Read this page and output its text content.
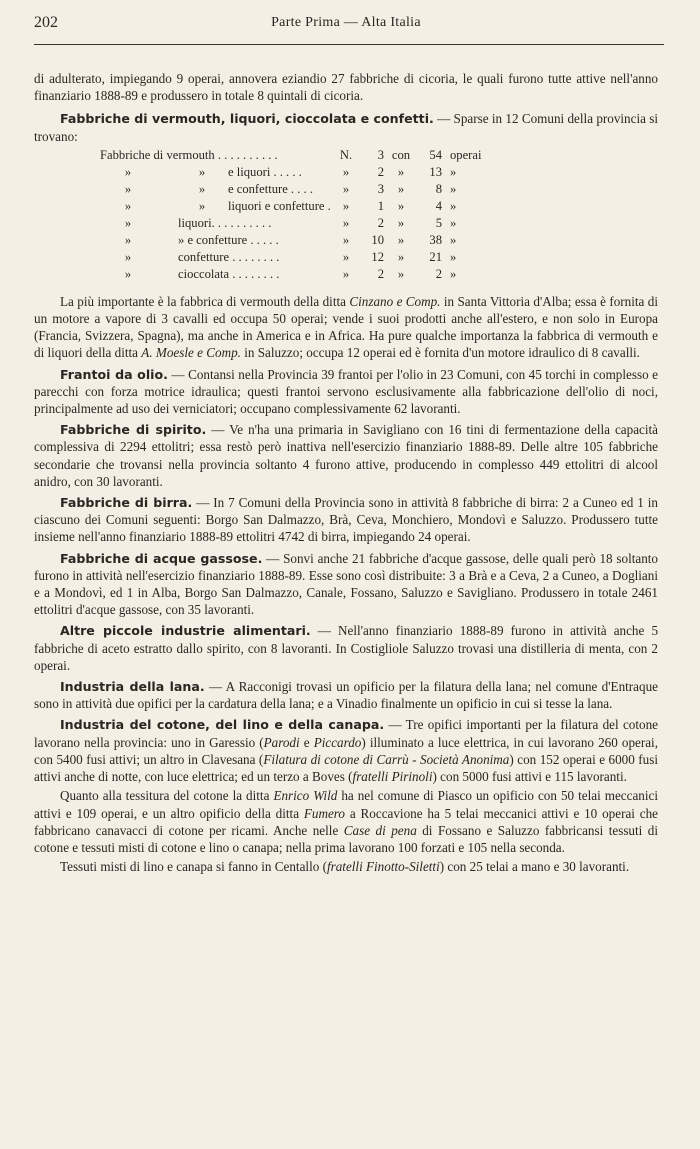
202	Parte Prima — Alta Italia

di adulterato, impiegando 9 operai, annovera eziandio 27 fabbriche di cicoria, le quali furono tutte attive nell'anno finanziario 1888-89 e produssero in totale 8 quintali di cicoria.

Fabbriche di vermouth, liquori, cioccolata e confetti. — Sparse in 12 Comuni della provincia si trovano:

Fabbriche di vermouth . . . . . . . . . .	N.	3	con	54	operai
» » e liquori . . . . .	»	2	»	13	»
» » e confetture . . . .	»	3	»	8	»
» » liquori e confetture .	»	1	»	4	»
» liquori. . . . . . . . . .	»	2	»	5	»
» » e confetture . . . . .	»	10	»	38	»
» confetture . . . . . . . .	»	12	»	21	»
» cioccolata . . . . . . . .	»	2	»	2	»

La più importante è la fabbrica di vermouth della ditta Cinzano e Comp. in Santa Vittoria d'Alba; essa è fornita di un motore a vapore di 3 cavalli ed occupa 50 operai; vende i suoi prodotti anche all'estero, e non solo in Europa (Francia, Svizzera, Spagna), ma anche in America e in Africa. Ha pure qualche importanza la fabbrica di vermouth e di liquori della ditta A. Moesle e Comp. in Saluzzo; occupa 12 operai ed è fornita d'un motore idraulico di 8 cavalli.

Frantoi da olio. — Contansi nella Provincia 39 frantoi per l'olio in 23 Comuni, con 45 torchi in complesso e parecchi con forza motrice idraulica; questi frantoi servono esclusivamente alla fabbricazione dell'olio di noci, principalmente ad uso dei verniciatori; occupano complessivamente 62 lavoranti.

Fabbriche di spirito. — Ve n'ha una primaria in Savigliano con 16 tini di fermentazione della capacità complessiva di 2294 ettolitri; essa restò però inattiva nell'esercizio finanziario 1888-89. Delle altre 105 fabbriche secondarie che trovansi nella provincia soltanto 4 furono attive, producendo in complesso 449 ettolitri di alcool anidro, con 30 lavoranti.

Fabbriche di birra. — In 7 Comuni della Provincia sono in attività 8 fabbriche di birra: 2 a Cuneo ed 1 in ciascuno dei Comuni seguenti: Borgo San Dalmazzo, Brà, Ceva, Monchiero, Mondovì e Saluzzo. Produssero tutte insieme nell'anno finanziario 1888-89 ettolitri 4742 di birra, impiegando 24 operai.

Fabbriche di acque gassose. — Sonvi anche 21 fabbriche d'acque gassose, delle quali però 18 soltanto furono in attività nell'esercizio finanziario 1888-89. Esse sono così distribuite: 3 a Brà e a Ceva, 2 a Cuneo, a Dogliani e a Mondovì, ed 1 in Alba, Borgo San Dalmazzo, Canale, Fossano, Saluzzo e Savigliano. Produssero in totale 2461 ettolitri d'acque gassose, con 35 lavoranti.

Altre piccole industrie alimentari. — Nell'anno finanziario 1888-89 furono in attività anche 5 fabbriche di aceto estratto dallo spirito, con 8 lavoranti. In Costigliole Saluzzo trovasi una distilleria di menta, con 2 operai.

Industria della lana. — A Racconigi trovasi un opificio per la filatura della lana; nel comune d'Entraque sono in attività due opifici per la cardatura della lana; e a Vinadio finalmente un opificio in cui si tesse la lana.

Industria del cotone, del lino e della canapa. — Tre opifici importanti per la filatura del cotone lavorano nella provincia: uno in Garessio (Parodi e Piccardo) illuminato a luce elettrica, in cui lavorano 260 operai, con 5400 fusi attivi; un altro in Clavesana (Filatura di cotone di Carrù - Società Anonima) con 152 operai e 6000 fusi attivi anche di notte, con luce elettrica; ed un terzo a Boves (fratelli Pirinoli) con 5000 fusi attivi e 115 lavoranti.

Quanto alla tessitura del cotone la ditta Enrico Wild ha nel comune di Piasco un opificio con 50 telai meccanici attivi e 109 operai, e un altro opificio della ditta Fumero a Roccavione ha 5 telai meccanici attivi e 10 operai che fabbricano canavacci di cotone per ricami. Anche nelle Case di pena di Fossano e Saluzzo fabbricansi tessuti di cotone e tessuti misti di cotone e lino o canapa; nella prima lavorano 100 forzati e 105 nella seconda.

Tessuti misti di lino e canapa si fanno in Centallo (fratelli Finotto-Siletti) con 25 telai a mano e 30 lavoranti.
